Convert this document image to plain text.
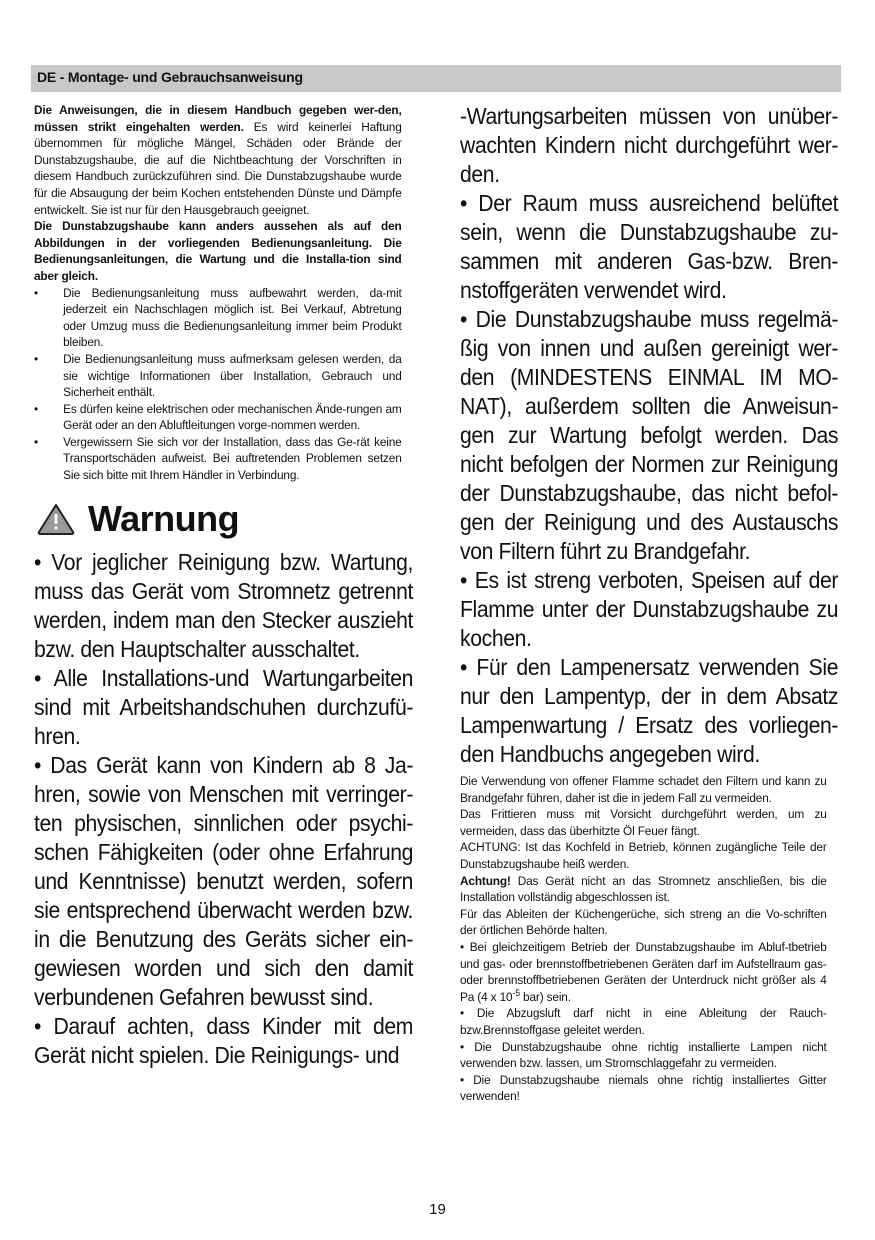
DE - Montage- und Gebrauchsanweisung

Die Anweisungen, die in diesem Handbuch gegeben wer-den, müssen strikt eingehalten werden. Es wird keinerlei Haftung übernommen für mögliche Mängel, Schäden oder Brände der Dunstabzugshaube, die auf die Nichtbeachtung der Vorschriften in diesem Handbuch zurückzuführen sind. Die Dunstabzugshaube wurde für die Absaugung der beim Kochen entstehenden Dünste und Dämpfe entwickelt. Sie ist nur für den Hausgebrauch geeignet.

Die Dunstabzugshaube kann anders aussehen als auf den Abbildungen in der vorliegenden Bedienungsanleitung. Die Bedienungsanleitungen, die Wartung und die Installa-tion sind aber gleich.

• Die Bedienungsanleitung muss aufbewahrt werden, da-mit jederzeit ein Nachschlagen möglich ist. Bei Verkauf, Abtretung oder Umzug muss die Bedienungsanleitung immer beim Produkt bleiben.
• Die Bedienungsanleitung muss aufmerksam gelesen werden, da sie wichtige Informationen über Installation, Gebrauch und Sicherheit enthält.
• Es dürfen keine elektrischen oder mechanischen Ände-rungen am Gerät oder an den Abluftleitungen vorge-nommen werden.
• Vergewissern Sie sich vor der Installation, dass das Ge-rät keine Transportschäden aufweist. Bei auftretenden Problemen setzen Sie sich bitte mit Ihrem Händler in Verbindung.
Warnung

• Vor jeglicher Reinigung bzw. Wartung, muss das Gerät vom Stromnetz getrennt werden, indem man den Stecker auszieht bzw. den Hauptschalter ausschaltet.

• Alle Installations-und Wartungarbeiten sind mit Arbeitshandschuhen durchzufü-hren.

• Das Gerät kann von Kindern ab 8 Ja-hren, sowie von Menschen mit verringer-ten physischen, sinnlichen oder psychi-schen Fähigkeiten (oder ohne Erfahrung und Kenntnisse) benutzt werden, sofern sie entsprechend überwacht werden bzw. in die Benutzung des Geräts sicher ein-gewiesen worden und sich den damit verbundenen Gefahren bewusst sind.

• Darauf achten, dass Kinder mit dem Gerät nicht spielen. Die Reinigungs- und

-Wartungsarbeiten müssen von unüber-wachten Kindern nicht durchgeführt wer-den.

• Der Raum muss ausreichend belüftet sein, wenn die Dunstabzugshaube zu-sammen mit anderen Gas-bzw. Bren-nstoffgeräten verwendet wird.

• Die Dunstabzugshaube muss regelmä-ßig von innen und außen gereinigt wer-den (MINDESTENS EINMAL IM MO-NAT), außerdem sollten die Anweisun-gen zur Wartung befolgt werden. Das nicht befolgen der Normen zur Reinigung der Dunstabzugshaube, das nicht befol-gen der Reinigung und des Austauschs von Filtern führt zu Brandgefahr.

• Es ist streng verboten, Speisen auf der Flamme unter der Dunstabzugshaube zu kochen.

• Für den Lampenersatz verwenden Sie nur den Lampentyp, der in dem Absatz Lampenwartung / Ersatz des vorliegen-den Handbuchs angegeben wird.

Die Verwendung von offener Flamme schadet den Filtern und kann zu Brandgefahr führen, daher ist die in jedem Fall zu vermeiden.

Das Frittieren muss mit Vorsicht durchgeführt werden, um zu vermeiden, dass das überhitzte Öl Feuer fängt.

ACHTUNG: Ist das Kochfeld in Betrieb, können zugängliche Teile der Dunstabzugshaube heiß werden.

Achtung! Das Gerät nicht an das Stromnetz anschließen, bis die Installation vollständig abgeschlossen ist.

Für das Ableiten der Küchengerüche, sich streng an die Vo-schriften der örtlichen Behörde halten.

• Bei gleichzeitigem Betrieb der Dunstabzugshaube im Abluf-tbetrieb und gas- oder brennstoffbetriebenen Geräten darf im Aufstellraum gas- oder brennstoffbetriebenen Geräten der Unterdruck nicht größer als 4 Pa (4 x $10^{-5}$ bar) sein.

• Die Abzugsluft darf nicht in eine Ableitung der Rauch-bzw.Brennstoffgase geleitet werden.

• Die Dunstabzugshaube ohne richtig installierte Lampen nicht verwenden bzw. lassen, um Stromschlaggefahr zu vermeiden.

• Die Dunstabzugshaube niemals ohne richtig installiertes Gitter verwenden!

19
